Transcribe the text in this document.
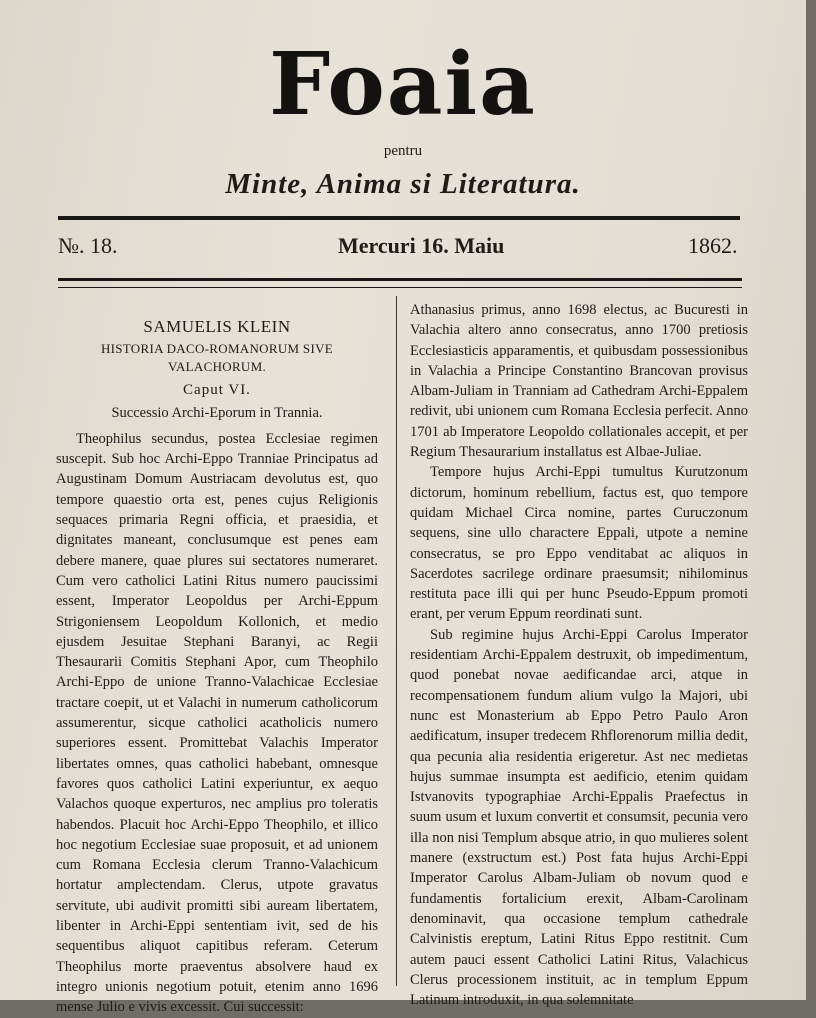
Foaia
pentru
Minte, Anima si Literatura.
№. 18.	Mercuri 16. Maiu	1862.
SAMUELIS KLEIN
HISTORIA DACO-ROMANORUM SIVE VALACHORUM.
Caput VI.
Successio Archi-Eporum in Trannia.

Theophilus secundus, postea Ecclesiae regimen suscepit. Sub hoc Archi-Eppo Tranniae Principatus ad Augustinam Domum Austriacam devolutus est, quo tempore quaestio orta est, penes cujus Religionis sequaces primaria Regni officia, et praesidia, et dignitates maneant, conclusumque est penes eam debere manere, quae plures sui sectatores numeraret. Cum vero catholici Latini Ritus numero paucissimi essent, Imperator Leopoldus per Archi-Eppum Strigoniensem Leopoldum Kollonich, et medio ejusdem Jesuitae Stephani Baranyi, ac Regii Thesaurarii Comitis Stephani Apor, cum Theophilo Archi-Eppo de unione Tranno-Valachicae Ecclesiae tractare coepit, ut et Valachi in numerum catholicorum assumerentur, sicque catholici acatholicis numero superiores essent. Promittebat Valachis Imperator libertates omnes, quas catholici habebant, omnesque favores quos catholici Latini experiuntur, ex aequo Valachos quoque experturos, nec amplius pro toleratis habendos. Placuit hoc Archi-Eppo Theophilo, et illico hoc negotium Ecclesiae suae proposuit, et ad unionem cum Romana Ecclesia clerum Tranno-Valachicum hortatur amplectendam. Clerus, utpote gravatus servitute, ubi audivit promitti sibi auream libertatem, libenter in Archi-Eppi sententiam ivit, sed de his sequentibus aliquot capitibus referam. Ceterum Theophilus morte praeventus absolvere haud ex integro unionis negotium potuit, etenim anno 1696 mense Julio e vivis excessit. Cui successit:

Athanasius primus, anno 1698 electus, ac Bucuresti in Valachia altero anno consecratus, anno 1700 pretiosis Ecclesiasticis apparamentis, et quibusdam possessionibus in Valachia a Principe Constantino Brancovan provisus Albam-Juliam in Tranniam ad Cathedram Archi-Eppalem redivit, ubi unionem cum Romana Ecclesia perfecit. Anno 1701 ab Imperatore Leopoldo collationales accepit, et per Regium Thesaurarium installatus est Albae-Juliae.

Tempore hujus Archi-Eppi tumultus Kurutzonum dictorum, hominum rebellium, factus est, quo tempore quidam Michael Circa nomine, partes Curuczonum sequens, sine ullo charactere Eppali, utpote a nemine consecratus, se pro Eppo venditabat ac aliquos in Sacerdotes sacrilege ordinare praesumsit; nihilominus restituta pace illi qui per hunc Pseudo-Eppum promoti erant, per verum Eppum reordinati sunt.

Sub regimine hujus Archi-Eppi Carolus Imperator residentiam Archi-Eppalem destruxit, ob impedimentum, quod ponebat novae aedificandae arci, atque in recompensationem fundum alium vulgo la Majori, ubi nunc est Monasterium ab Eppo Petro Paulo Aron aedificatum, insuper tredecem Rhflorenorum millia dedit, qua pecunia alia residentia erigeretur. Ast nec medietas hujus summae insumpta est aedificio, etenim quidam Istvanovits typographiae Archi-Eppalis Praefectus in suum usum et luxum convertit et consumsit, pecunia vero illa non nisi Templum absque atrio, in quo mulieres solent manere (exstructum est.) Post fata hujus Archi-Eppi Imperator Carolus Albam-Juliam ob novum quod e fundamentis fortalicium erexit, Albam-Carolinam denominavit, qua occasione templum cathedrale Calvinistis ereptum, Latini Ritus Eppo restitnit. Cum autem pauci essent Catholici Latini Ritus, Valachicus Clerus processionem instituit, ac in templum Eppum Latinum introduxit, in qua solemnitate
